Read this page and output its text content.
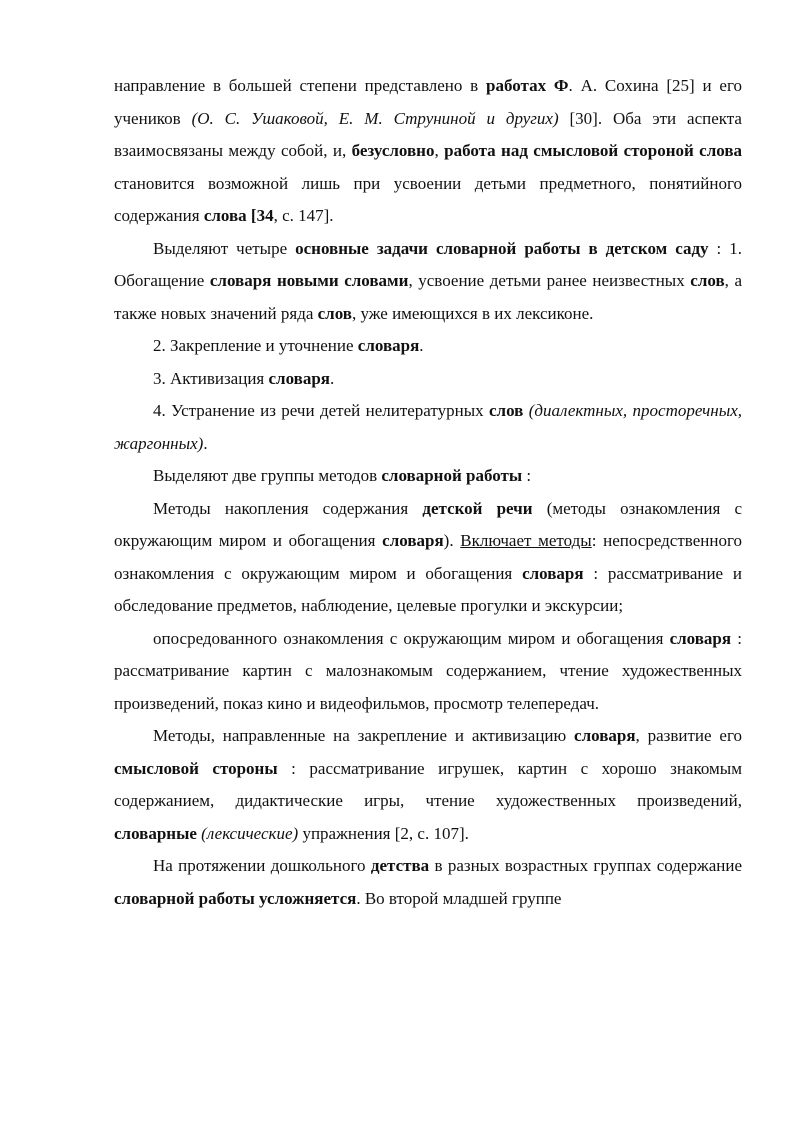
направление в большей степени представлено в работах Ф. А. Сохина [25] и его учеников (О. С. Ушаковой, Е. М. Струниной и других) [30]. Оба эти аспекта взаимосвязаны между собой, и, безусловно, работа над смысловой стороной слова становится возможной лишь при усвоении детьми предметного, понятийного содержания слова [34, с. 147].

Выделяют четыре основные задачи словарной работы в детском саду : 1. Обогащение словаря новыми словами, усвоение детьми ранее неизвестных слов, а также новых значений ряда слов, уже имеющихся в их лексиконе.

2. Закрепление и уточнение словаря.

3. Активизация словаря.

4. Устранение из речи детей нелитературных слов (диалектных, просторечных, жаргонных).

Выделяют две группы методов словарной работы :

Методы накопления содержания детской речи (методы ознакомления с окружающим миром и обогащения словаря). Включает методы: непосредственного ознакомления с окружающим миром и обогащения словаря : рассматривание и обследование предметов, наблюдение, целевые прогулки и экскурсии;

опосредованного ознакомления с окружающим миром и обогащения словаря : рассматривание картин с малознакомым содержанием, чтение художественных произведений, показ кино и видеофильмов, просмотр телепередач.

Методы, направленные на закрепление и активизацию словаря, развитие его смысловой стороны : рассматривание игрушек, картин с хорошо знакомым содержанием, дидактические игры, чтение художественных произведений, словарные (лексические) упражнения [2, с. 107].

На протяжении дошкольного детства в разных возрастных группах содержание словарной работы усложняется. Во второй младшей группе
